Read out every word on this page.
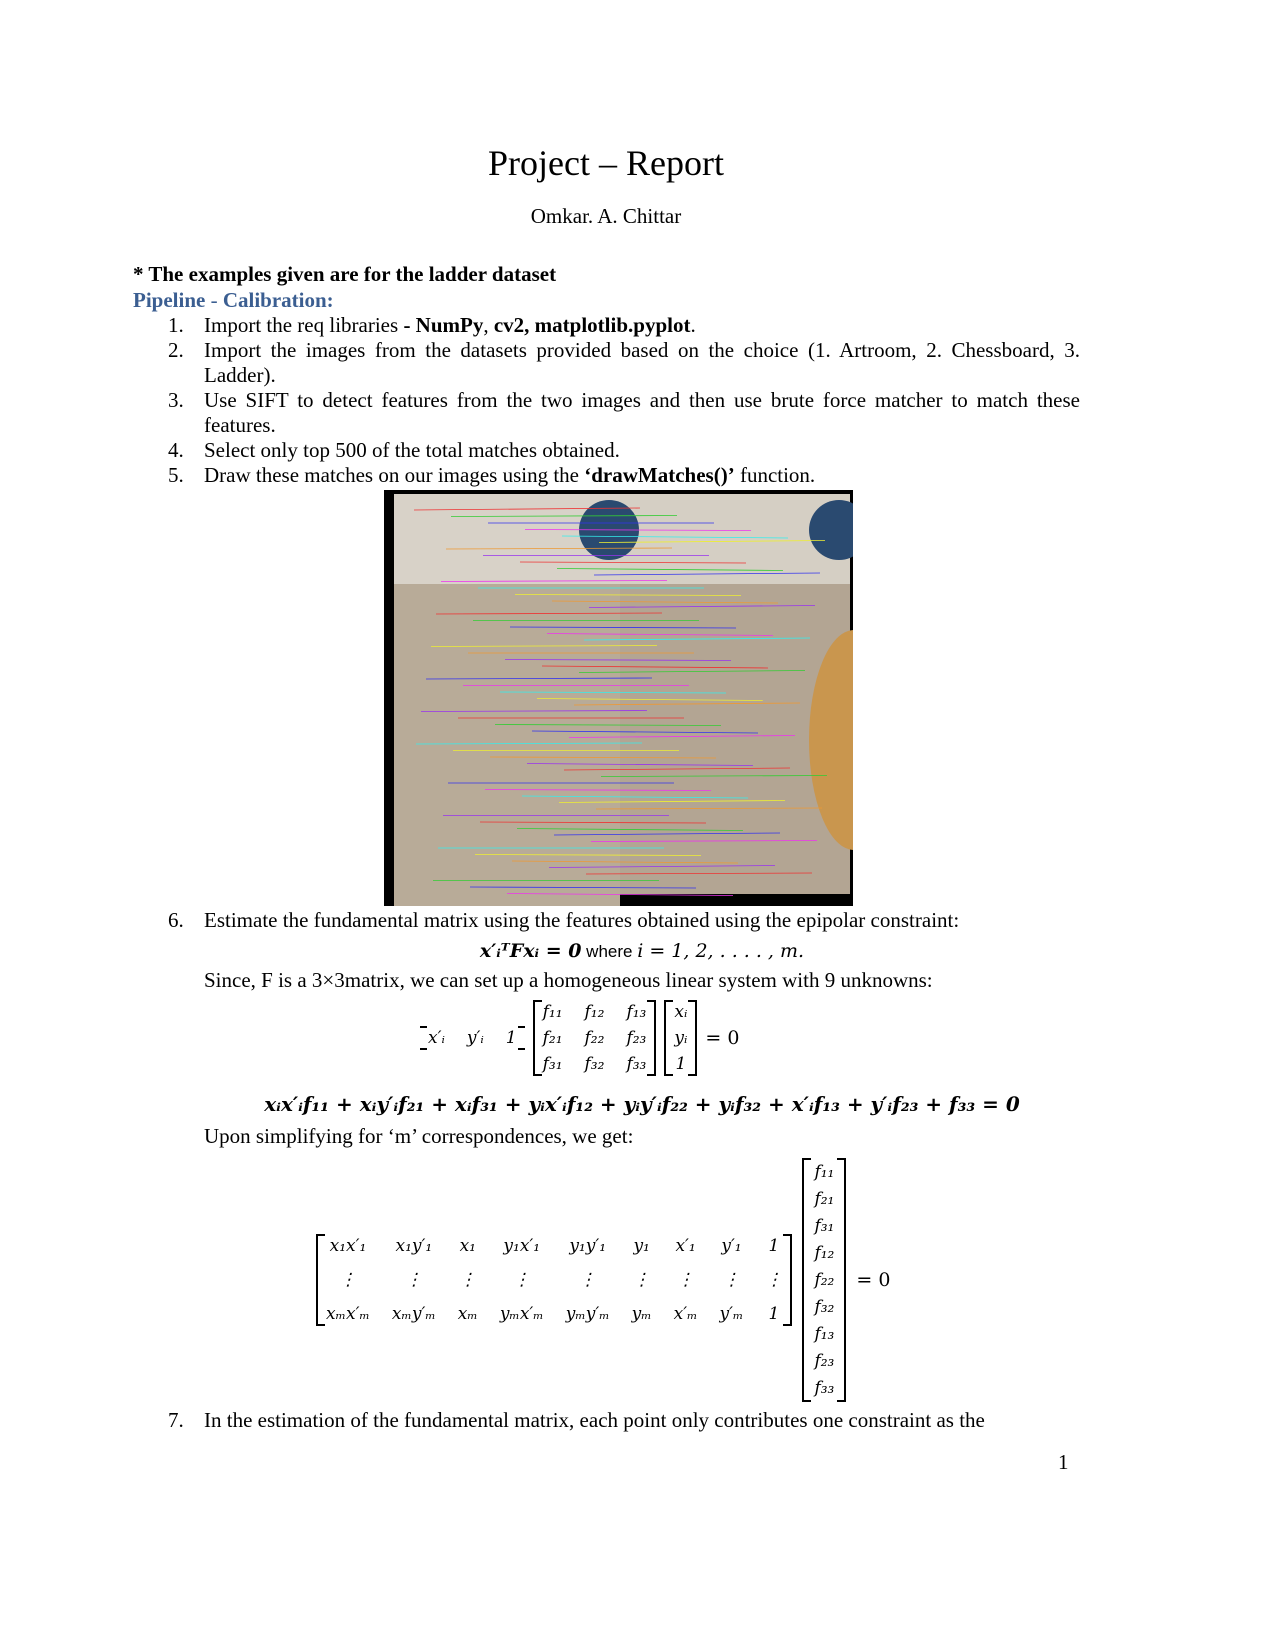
Project – Report
Omkar. A. Chittar
* The examples given are for the ladder dataset
Pipeline - Calibration:
1. Import the req libraries - NumPy, cv2, matplotlib.pyplot.
2. Import the images from the datasets provided based on the choice (1. Artroom, 2. Chessboard, 3. Ladder).
3. Use SIFT to detect features from the two images and then use brute force matcher to match these features.
4. Select only top 500 of the total matches obtained.
5. Draw these matches on our images using the ‘drawMatches()’ function.
6. Estimate the fundamental matrix using the features obtained using the epipolar constraint:
x′ᵢᵀFxᵢ = 0 where i = 1, 2, . . . . , m.
Since, F is a 3×3matrix, we can set up a homogeneous linear system with 9 unknowns:
x′ᵢ y′ᵢ 1
f₁₁ f₁₂ f₁₃
f₂₁ f₂₂ f₂₃
f₃₁ f₃₂ f₃₃
xᵢ
yᵢ
1
= 0
xᵢx′ᵢf₁₁ + xᵢy′ᵢf₂₁ + xᵢf₃₁ + yᵢx′ᵢf₁₂ + yᵢy′ᵢf₂₂ + yᵢf₃₂ + x′ᵢf₁₃ + y′ᵢf₂₃ + f₃₃ = 0
Upon simplifying for ‘m’ correspondences, we get:
x₁x′₁ x₁y′₁ x₁ y₁x′₁ y₁y′₁ y₁ x′₁ y′₁ 1
⋮	⋮	⋮	⋮	⋮	⋮ ⋮ ⋮ ⋮
xₘx′ₘ xₘy′ₘ xₘ yₘx′ₘ yₘy′ₘ yₘ x′ₘ y′ₘ 1
f₁₁
f₂₁
f₃₁
f₁₂
f₂₂
f₃₂
f₁₃
f₂₃
f₃₃
= 0
7. In the estimation of the fundamental matrix, each point only contributes one constraint as the
1
